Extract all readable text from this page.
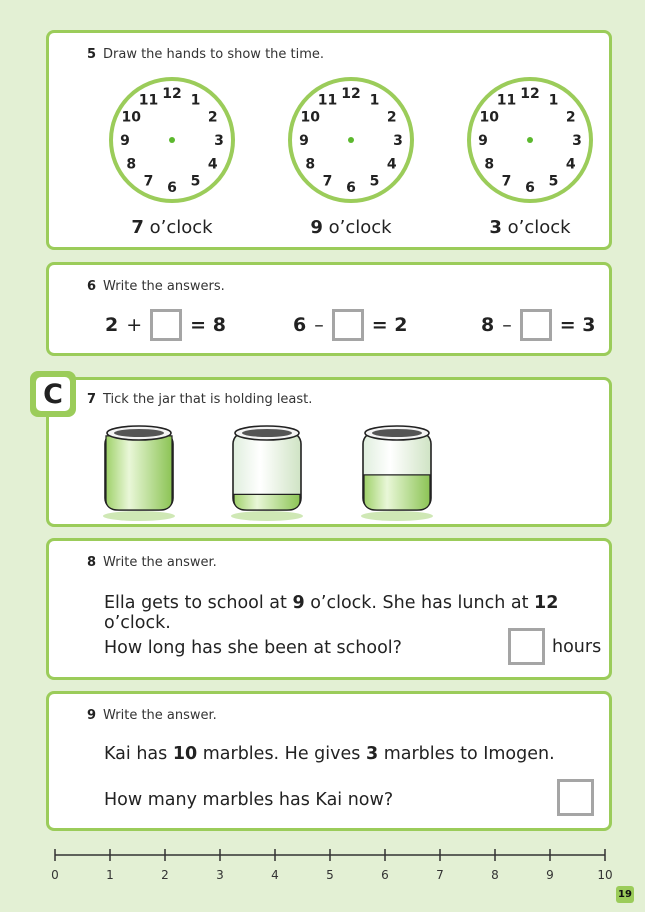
5 Draw the hands to show the time.
12 1
2
3
4
5
6
7
8
9
10
11	12 1
2
3
4
5
6
7
8
9
10
11	12 1
2
3
4
5
6
7
8
9
10
11
7 o’clock	9 o’clock	3 o’clock
6 Write the answers.
2 +	= 8	6 –	= 2	8 –	= 3
7 Tick the jar that is holding least.
C
8 Write the answer.
Ella gets to school at 9 o’clock. She has lunch at 12 o’clock.
How long has she been at school?	hours
9 Write the answer.
Kai has 10 marbles. He gives 3 marbles to Imogen.
How many marbles has Kai now?
0	1	2	3	4	5	6	7	8	9	10
19
